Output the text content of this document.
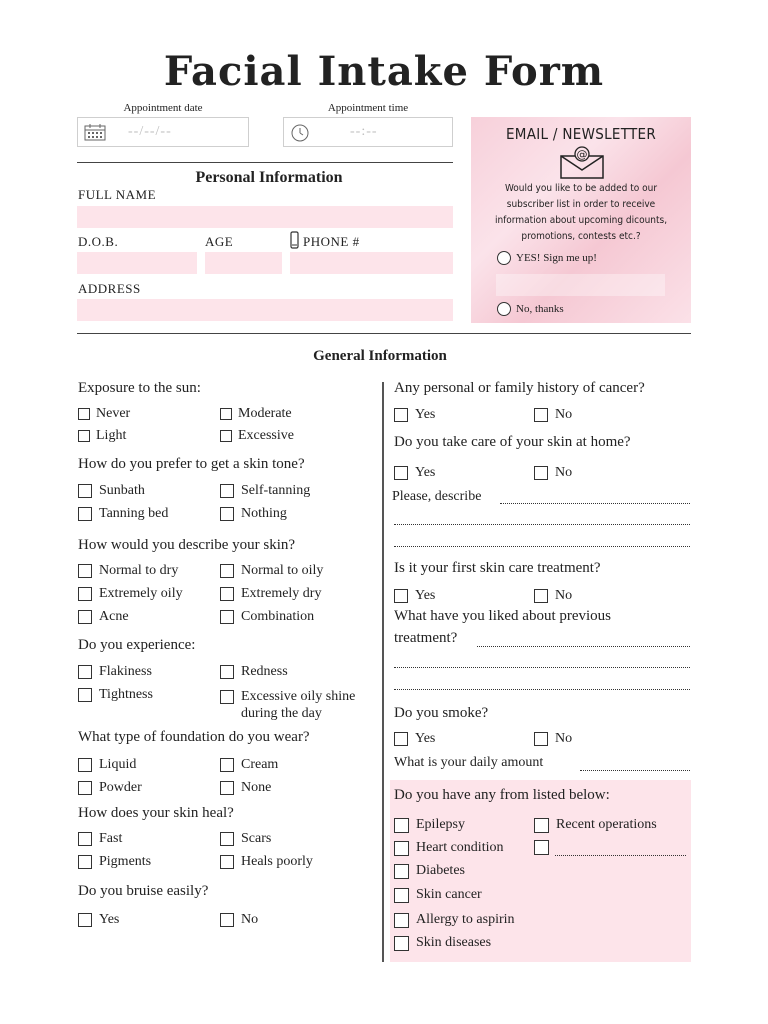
Facial Intake Form
Appointment date
--/--/--
Appointment time
--:--
Personal Information
FULL NAME
D.O.B.	AGE	PHONE #
ADDRESS
EMAIL / NEWSLETTER
@
Would you like to be added to our subscriber list in order to receive information about upcoming dicounts, promotions, contests etc.?
YES! Sign me up!
No, thanks
General Information
Exposure to the sun:
Never	Moderate
Light	Excessive
How do you prefer to get a skin tone?
Sunbath	Self-tanning
Tanning bed	Nothing
How would you describe your skin?
Normal to dry	Normal to oily
Extremely oily	Extremely dry
Acne	Combination
Do you experience:
Flakiness	Redness
Tightness	Excessive oily shine
during the day
What type of foundation do you wear?
Liquid	Cream
Powder	None
How does your skin heal?
Fast	Scars
Pigments	Heals poorly
Do you bruise easily?
Yes	No
Any personal or family history of cancer?
Yes	No
Do you take care of your skin at home?
Yes	No
Please, describe
Is it your first skin care treatment?
Yes	No
What have you liked about previous
treatment?
Do you smoke?
Yes	No
What is your daily amount
Do you have any from listed below:
Epilepsy	Recent operations
Heart condition
Diabetes
Skin cancer
Allergy to aspirin
Skin diseases
